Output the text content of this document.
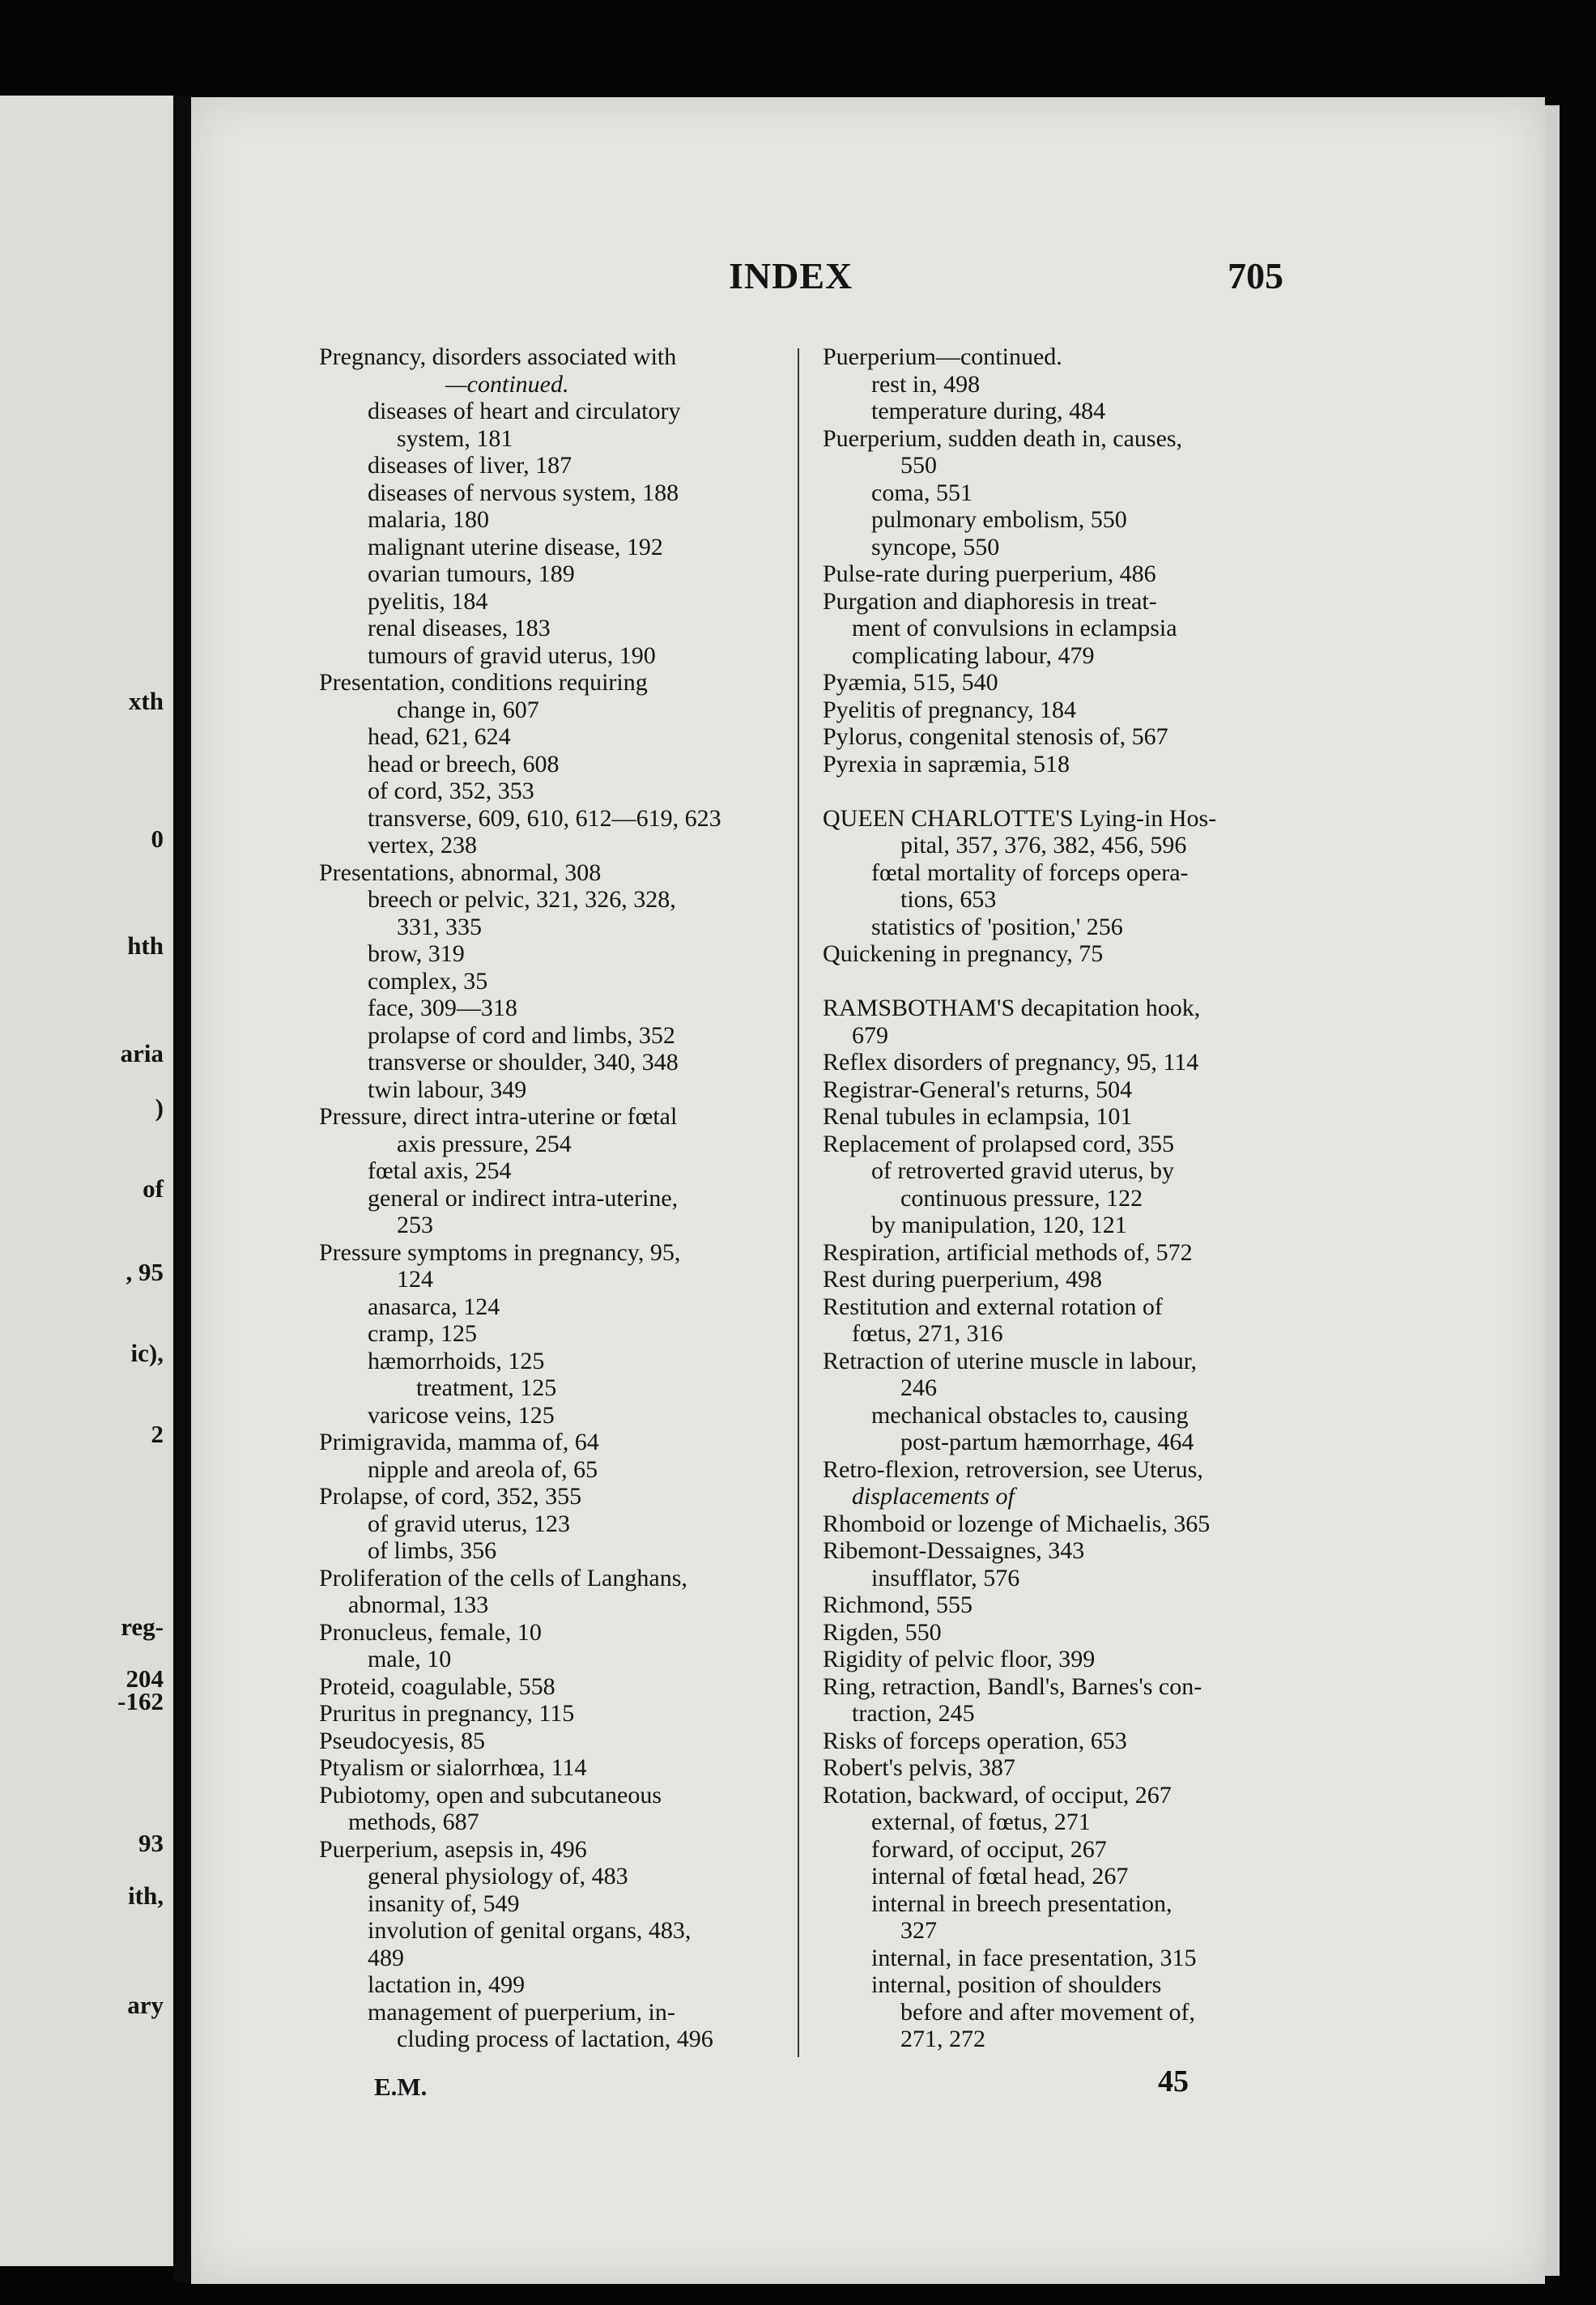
xth
0
hth
aria
)
of
, 95
ic),
2
reg-
204
-162
93
ith,
ary
INDEX	705
Pregnancy, disorders associated with
—continued.
diseases of heart and circulatory
system, 181
diseases of liver, 187
diseases of nervous system, 188
malaria, 180
malignant uterine disease, 192
ovarian tumours, 189
pyelitis, 184
renal diseases, 183
tumours of gravid uterus, 190
Presentation, conditions requiring
change in, 607
head, 621, 624
head or breech, 608
of cord, 352, 353
transverse, 609, 610, 612—619, 623
vertex, 238
Presentations, abnormal, 308
breech or pelvic, 321, 326, 328,
331, 335
brow, 319
complex, 35
face, 309—318
prolapse of cord and limbs, 352
transverse or shoulder, 340, 348
twin labour, 349
Pressure, direct intra-uterine or fœtal
axis pressure, 254
fœtal axis, 254
general or indirect intra-uterine,
253
Pressure symptoms in pregnancy, 95,
124
anasarca, 124
cramp, 125
hæmorrhoids, 125
treatment, 125
varicose veins, 125
Primigravida, mamma of, 64
nipple and areola of, 65
Prolapse, of cord, 352, 355
of gravid uterus, 123
of limbs, 356
Proliferation of the cells of Langhans,
abnormal, 133
Pronucleus, female, 10
male, 10
Proteid, coagulable, 558
Pruritus in pregnancy, 115
Pseudocyesis, 85
Ptyalism or sialorrhœa, 114
Pubiotomy, open and subcutaneous
methods, 687
Puerperium, asepsis in, 496
general physiology of, 483
insanity of, 549
involution of genital organs, 483,
489
lactation in, 499
management of puerperium, in-
cluding process of lactation, 496
Puerperium—continued.
rest in, 498
temperature during, 484
Puerperium, sudden death in, causes,
550
coma, 551
pulmonary embolism, 550
syncope, 550
Pulse-rate during puerperium, 486
Purgation and diaphoresis in treat-
ment of convulsions in eclampsia
complicating labour, 479
Pyæmia, 515, 540
Pyelitis of pregnancy, 184
Pylorus, congenital stenosis of, 567
Pyrexia in sapræmia, 518
QUEEN CHARLOTTE'S Lying-in Hos-
pital, 357, 376, 382, 456, 596
fœtal mortality of forceps opera-
tions, 653
statistics of 'position,' 256
Quickening in pregnancy, 75
RAMSBOTHAM'S decapitation hook,
679
Reflex disorders of pregnancy, 95, 114
Registrar-General's returns, 504
Renal tubules in eclampsia, 101
Replacement of prolapsed cord, 355
of retroverted gravid uterus, by
continuous pressure, 122
by manipulation, 120, 121
Respiration, artificial methods of, 572
Rest during puerperium, 498
Restitution and external rotation of
fœtus, 271, 316
Retraction of uterine muscle in labour,
246
mechanical obstacles to, causing
post-partum hæmorrhage, 464
Retro-flexion, retroversion, see Uterus,
displacements of
Rhomboid or lozenge of Michaelis, 365
Ribemont-Dessaignes, 343
insufflator, 576
Richmond, 555
Rigden, 550
Rigidity of pelvic floor, 399
Ring, retraction, Bandl's, Barnes's con-
traction, 245
Risks of forceps operation, 653
Robert's pelvis, 387
Rotation, backward, of occiput, 267
external, of fœtus, 271
forward, of occiput, 267
internal of fœtal head, 267
internal in breech presentation,
327
internal, in face presentation, 315
internal, position of shoulders
before and after movement of,
271, 272
E.M.	45
